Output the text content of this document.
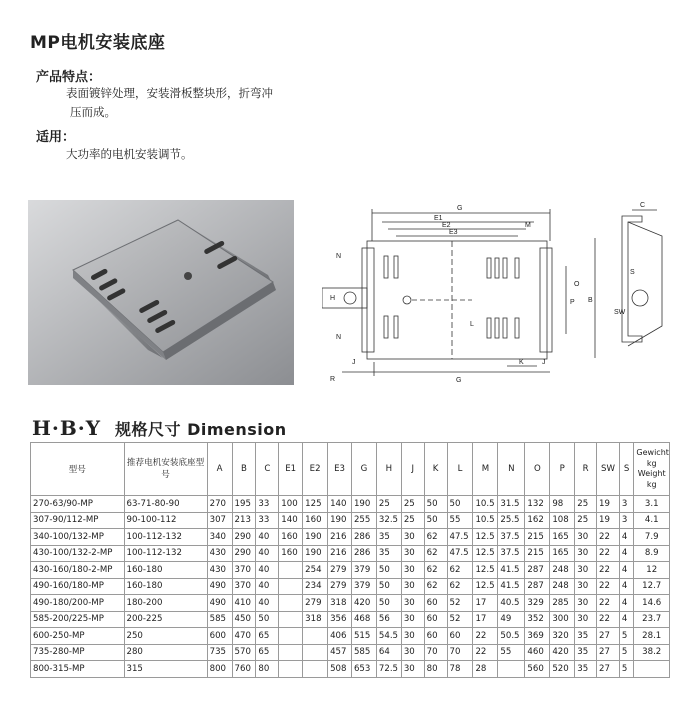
MP电机安装底座
产品特点：
表面镀锌处理，安装滑板整块形，折弯冲
压而成。
适用：
大功率的电机安装调节。
G
E1
E2
E3
M
C
N
N
O
P B
S
SW
L
J	J
K
R	G
H
H·B·Y 规格尺寸 Dimension
型号	推荐电机安装底座型号	A	B	C	E1	E2	E3	G	H	J	K	L	M	N	O	P	R	SW	S	Gewicht
kg
Weight
kg
270-63/90-MP	63-71-80-90	270	195	33	100	125	140	190	25	25	50	50	10.5	31.5	132	98	25	19	3	3.1
307-90/112-MP	90-100-112	307	213	33	140	160	190	255	32.5	25	50	55	10.5	25.5	162	108	25	19	3	4.1
340-100/132-MP	100-112-132	340	290	40	160	190	216	286	35	30	62	47.5	12.5	37.5	215	165	30	22	4	7.9
430-100/132-2-MP	100-112-132	430	290	40	160	190	216	286	35	30	62	47.5	12.5	37.5	215	165	30	22	4	8.9
430-160/180-2-MP	160-180	430	370	40		254	279	379	50	30	62	62	12.5	41.5	287	248	30	22	4	12
490-160/180-MP	160-180	490	370	40		234	279	379	50	30	62	62	12.5	41.5	287	248	30	22	4	12.7
490-180/200-MP	180-200	490	410	40		279	318	420	50	30	60	52	17	40.5	329	285	30	22	4	14.6
585-200/225-MP	200-225	585	450	50		318	356	468	56	30	60	52	17	49	352	300	30	22	4	23.7
600-250-MP	250	600	470	65			406	515	54.5	30	60	60	22	50.5	369	320	35	27	5	28.1
735-280-MP	280	735	570	65			457	585	64	30	70	70	22	55	460	420	35	27	5	38.2
800-315-MP	315	800	760	80			508	653	72.5	30	80	78	28		560	520	35	27	5	
